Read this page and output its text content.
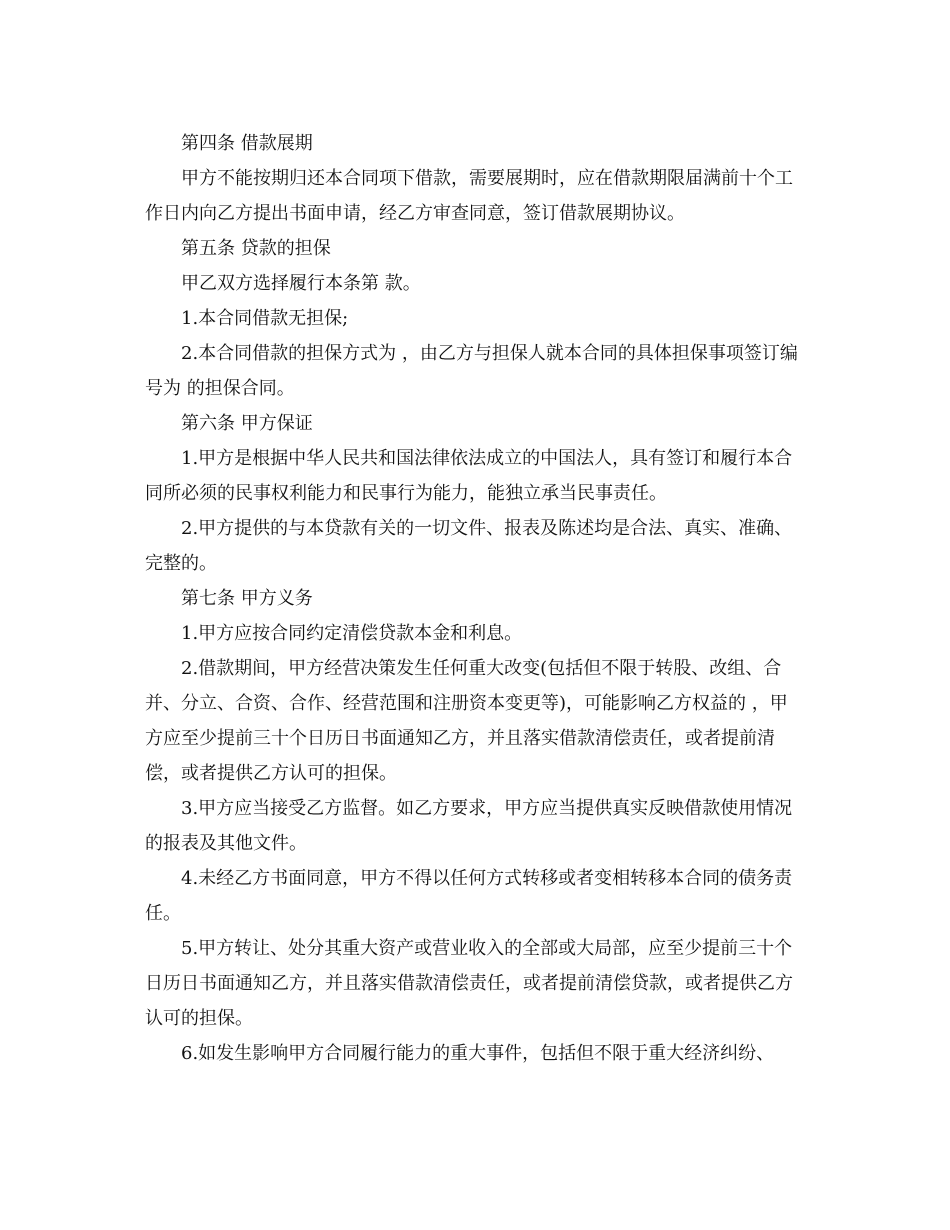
第四条 借款展期

甲方不能按期归还本合同项下借款，需要展期时，应在借款期限届满前十个工作日内向乙方提出书面申请，经乙方审查同意，签订借款展期协议。

第五条 贷款的担保

甲乙双方选择履行本条第 款。

1.本合同借款无担保;

2.本合同借款的担保方式为 ，由乙方与担保人就本合同的具体担保事项签订编号为 的担保合同。

第六条 甲方保证

1.甲方是根据中华人民共和国法律依法成立的中国法人，具有签订和履行本合同所必须的民事权利能力和民事行为能力，能独立承当民事责任。

2.甲方提供的与本贷款有关的一切文件、报表及陈述均是合法、真实、准确、完整的。

第七条 甲方义务

1.甲方应按合同约定清偿贷款本金和利息。

2.借款期间，甲方经营决策发生任何重大改变(包括但不限于转股、改组、合并、分立、合资、合作、经营范围和注册资本变更等)，可能影响乙方权益的 ，甲方应至少提前三十个日历日书面通知乙方，并且落实借款清偿责任，或者提前清偿，或者提供乙方认可的担保。

3.甲方应当接受乙方监督。如乙方要求，甲方应当提供真实反映借款使用情况的报表及其他文件。

4.未经乙方书面同意，甲方不得以任何方式转移或者变相转移本合同的债务责任。

5.甲方转让、处分其重大资产或营业收入的全部或大局部，应至少提前三十个日历日书面通知乙方，并且落实借款清偿责任，或者提前清偿贷款，或者提供乙方认可的担保。

6.如发生影响甲方合同履行能力的重大事件，包括但不限于重大经济纠纷、
